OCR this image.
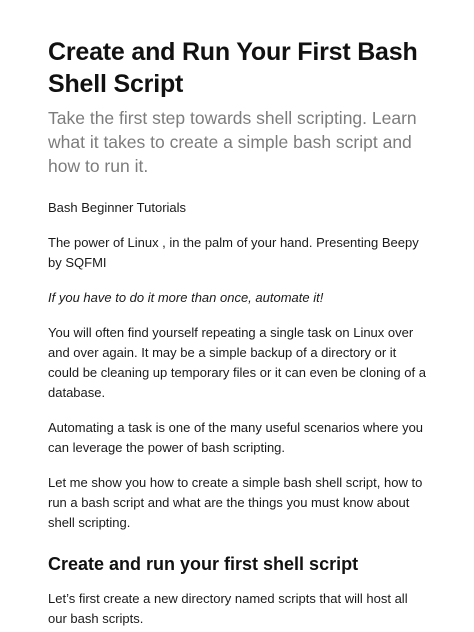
Create and Run Your First Bash Shell Script
Take the first step towards shell scripting. Learn what it takes to create a simple bash script and how to run it.
Bash Beginner Tutorials

The power of Linux , in the palm of your hand. Presenting Beepy by SQFMI

If you have to do it more than once, automate it!

You will often find yourself repeating a single task on Linux over and over again. It may be a simple backup of a directory or it could be cleaning up temporary files or it can even be cloning of a database.

Automating a task is one of the many useful scenarios where you can leverage the power of bash scripting.

Let me show you how to create a simple bash shell script, how to run a bash script and what are the things you must know about shell scripting.

Create and run your first shell script

Let’s first create a new directory named scripts that will host all our bash scripts.
